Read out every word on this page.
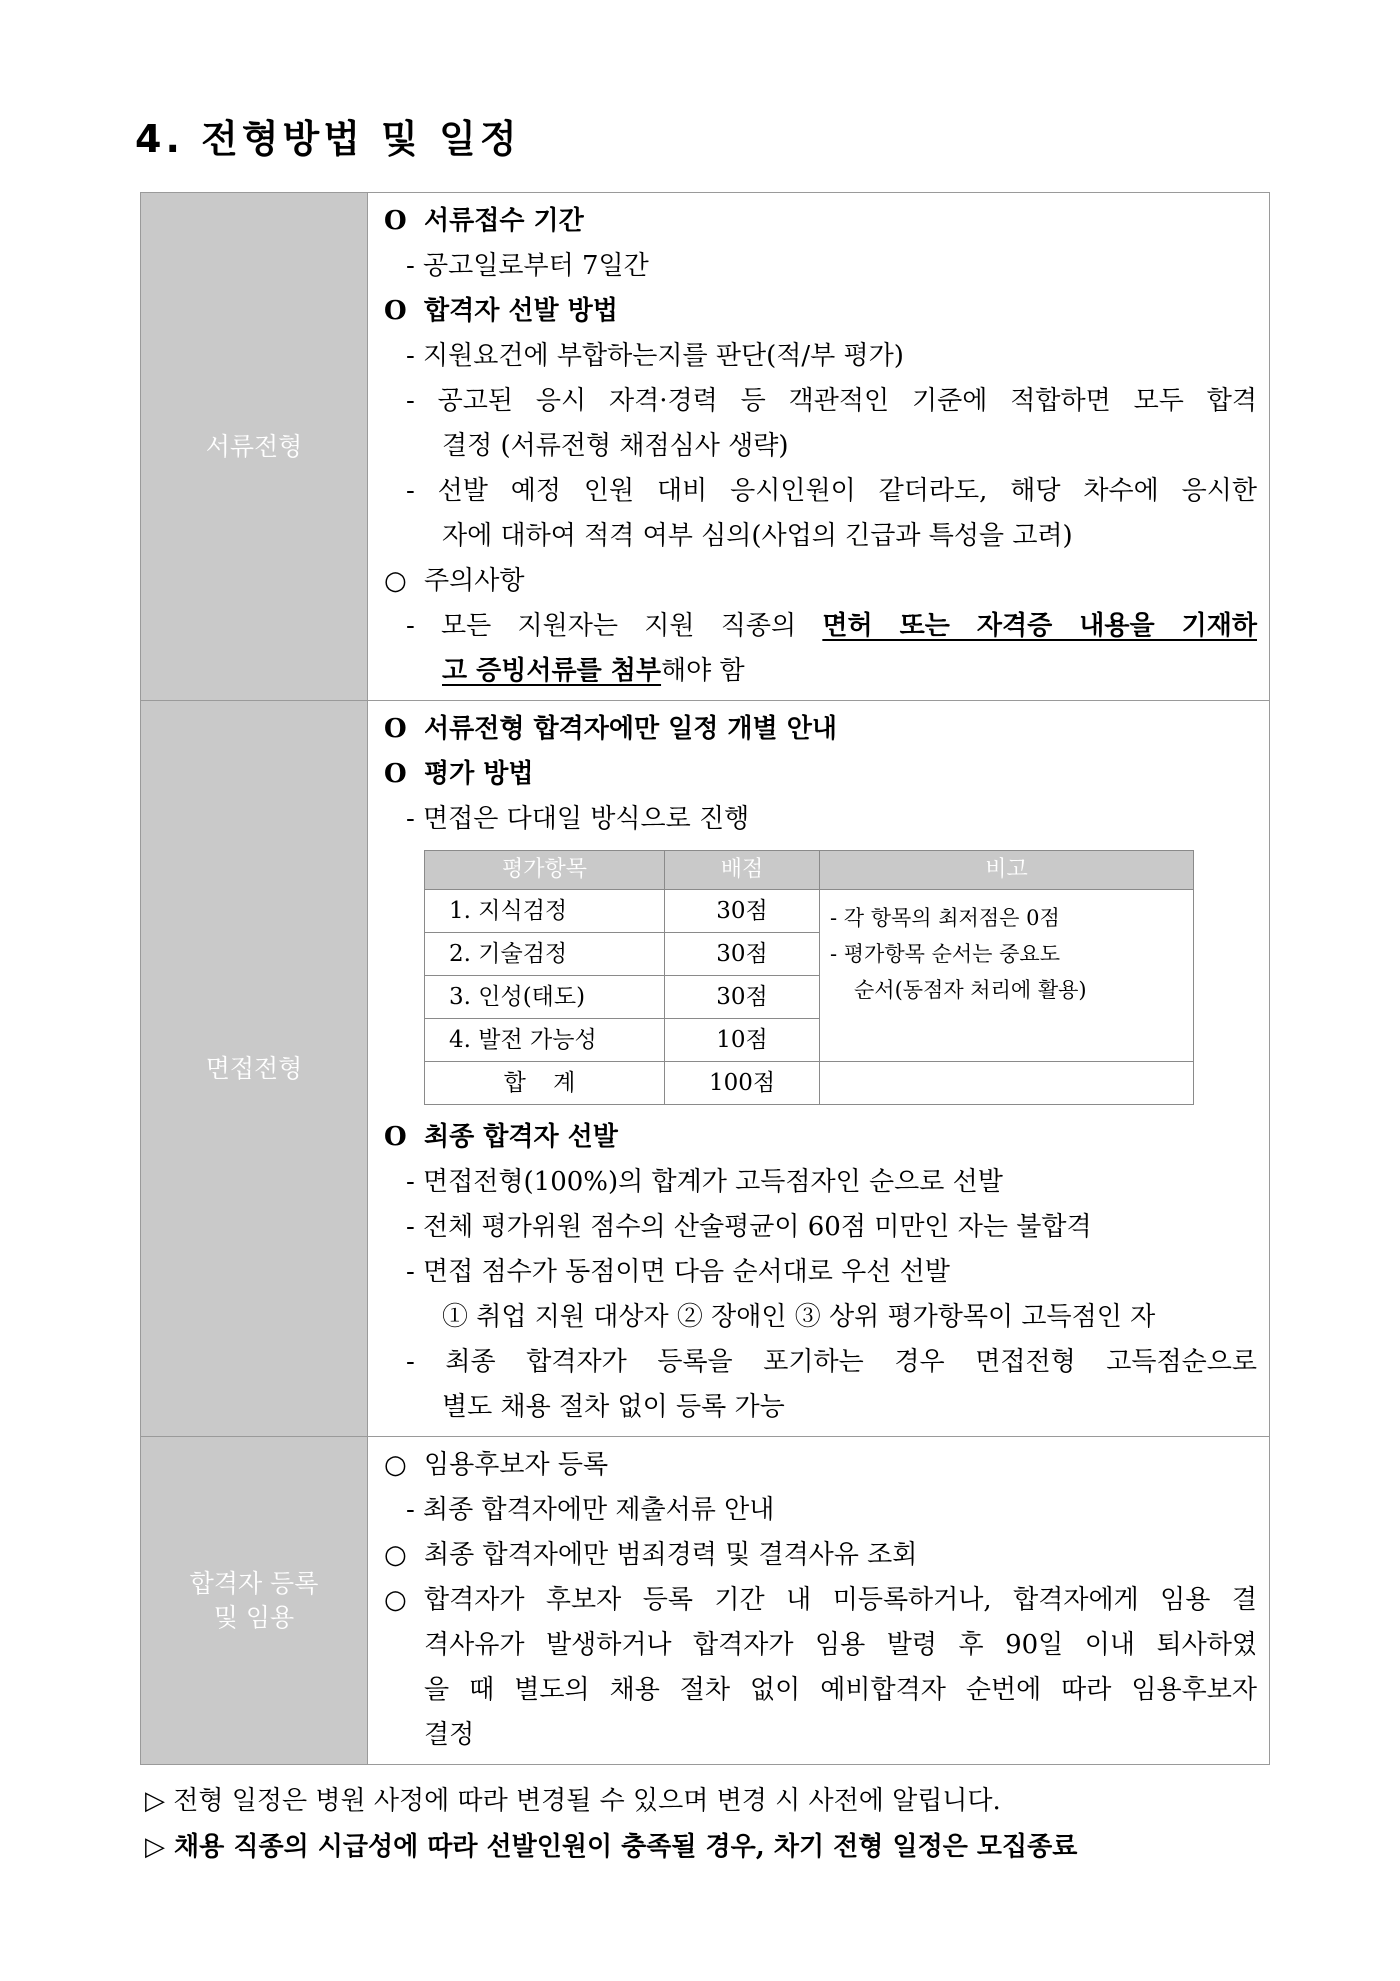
4. 전형방법 및 일정
서류전형	
O 서류접수 기간
- 공고일로부터 7일간
O 합격자 선발 방법
- 지원요건에 부합하는지를 판단(적/부 평가)
- 공고된 응시 자격·경력 등 객관적인 기준에 적합하면 모두 합격
결정 (서류전형 채점심사 생략)
- 선발 예정 인원 대비 응시인원이 같더라도, 해당 차수에 응시한
자에 대하여 적격 여부 심의(사업의 긴급과 특성을 고려)
○ 주의사항
- 모든 지원자는 지원 직종의 면허 또는 자격증 내용을 기재하
고 증빙서류를 첨부해야 함

면접전형	
O 서류전형 합격자에만 일정 개별 안내
O 평가 방법
- 면접은 다대일 방식으로 진행
평가항목	배점	비고
1. 지식검정	30점	- 각 항목의 최저점은 0점
- 평가항목 순서는 중요도
순서(동점자 처리에 활용)

2. 기술검정	30점
3. 인성(태도)	30점
4. 발전 가능성	10점
합 계	100점	
O 최종 합격자 선발
- 면접전형(100%)의 합계가 고득점자인 순으로 선발
- 전체 평가위원 점수의 산술평균이 60점 미만인 자는 불합격
- 면접 점수가 동점이면 다음 순서대로 우선 선발
① 취업 지원 대상자 ② 장애인 ③ 상위 평가항목이 고득점인 자
- 최종 합격자가 등록을 포기하는 경우 면접전형 고득점순으로
별도 채용 절차 없이 등록 가능

합격자 등록
및 임용

○ 임용후보자 등록
- 최종 합격자에만 제출서류 안내
○ 최종 합격자에만 범죄경력 및 결격사유 조회
○ 합격자가 후보자 등록 기간 내 미등록하거나, 합격자에게 임용 결
격사유가 발생하거나 합격자가 임용 발령 후 90일 이내 퇴사하였
을 때 별도의 채용 절차 없이 예비합격자 순번에 따라 임용후보자
결정
▷ 전형 일정은 병원 사정에 따라 변경될 수 있으며 변경 시 사전에 알립니다.
▷ 채용 직종의 시급성에 따라 선발인원이 충족될 경우, 차기 전형 일정은 모집종료
